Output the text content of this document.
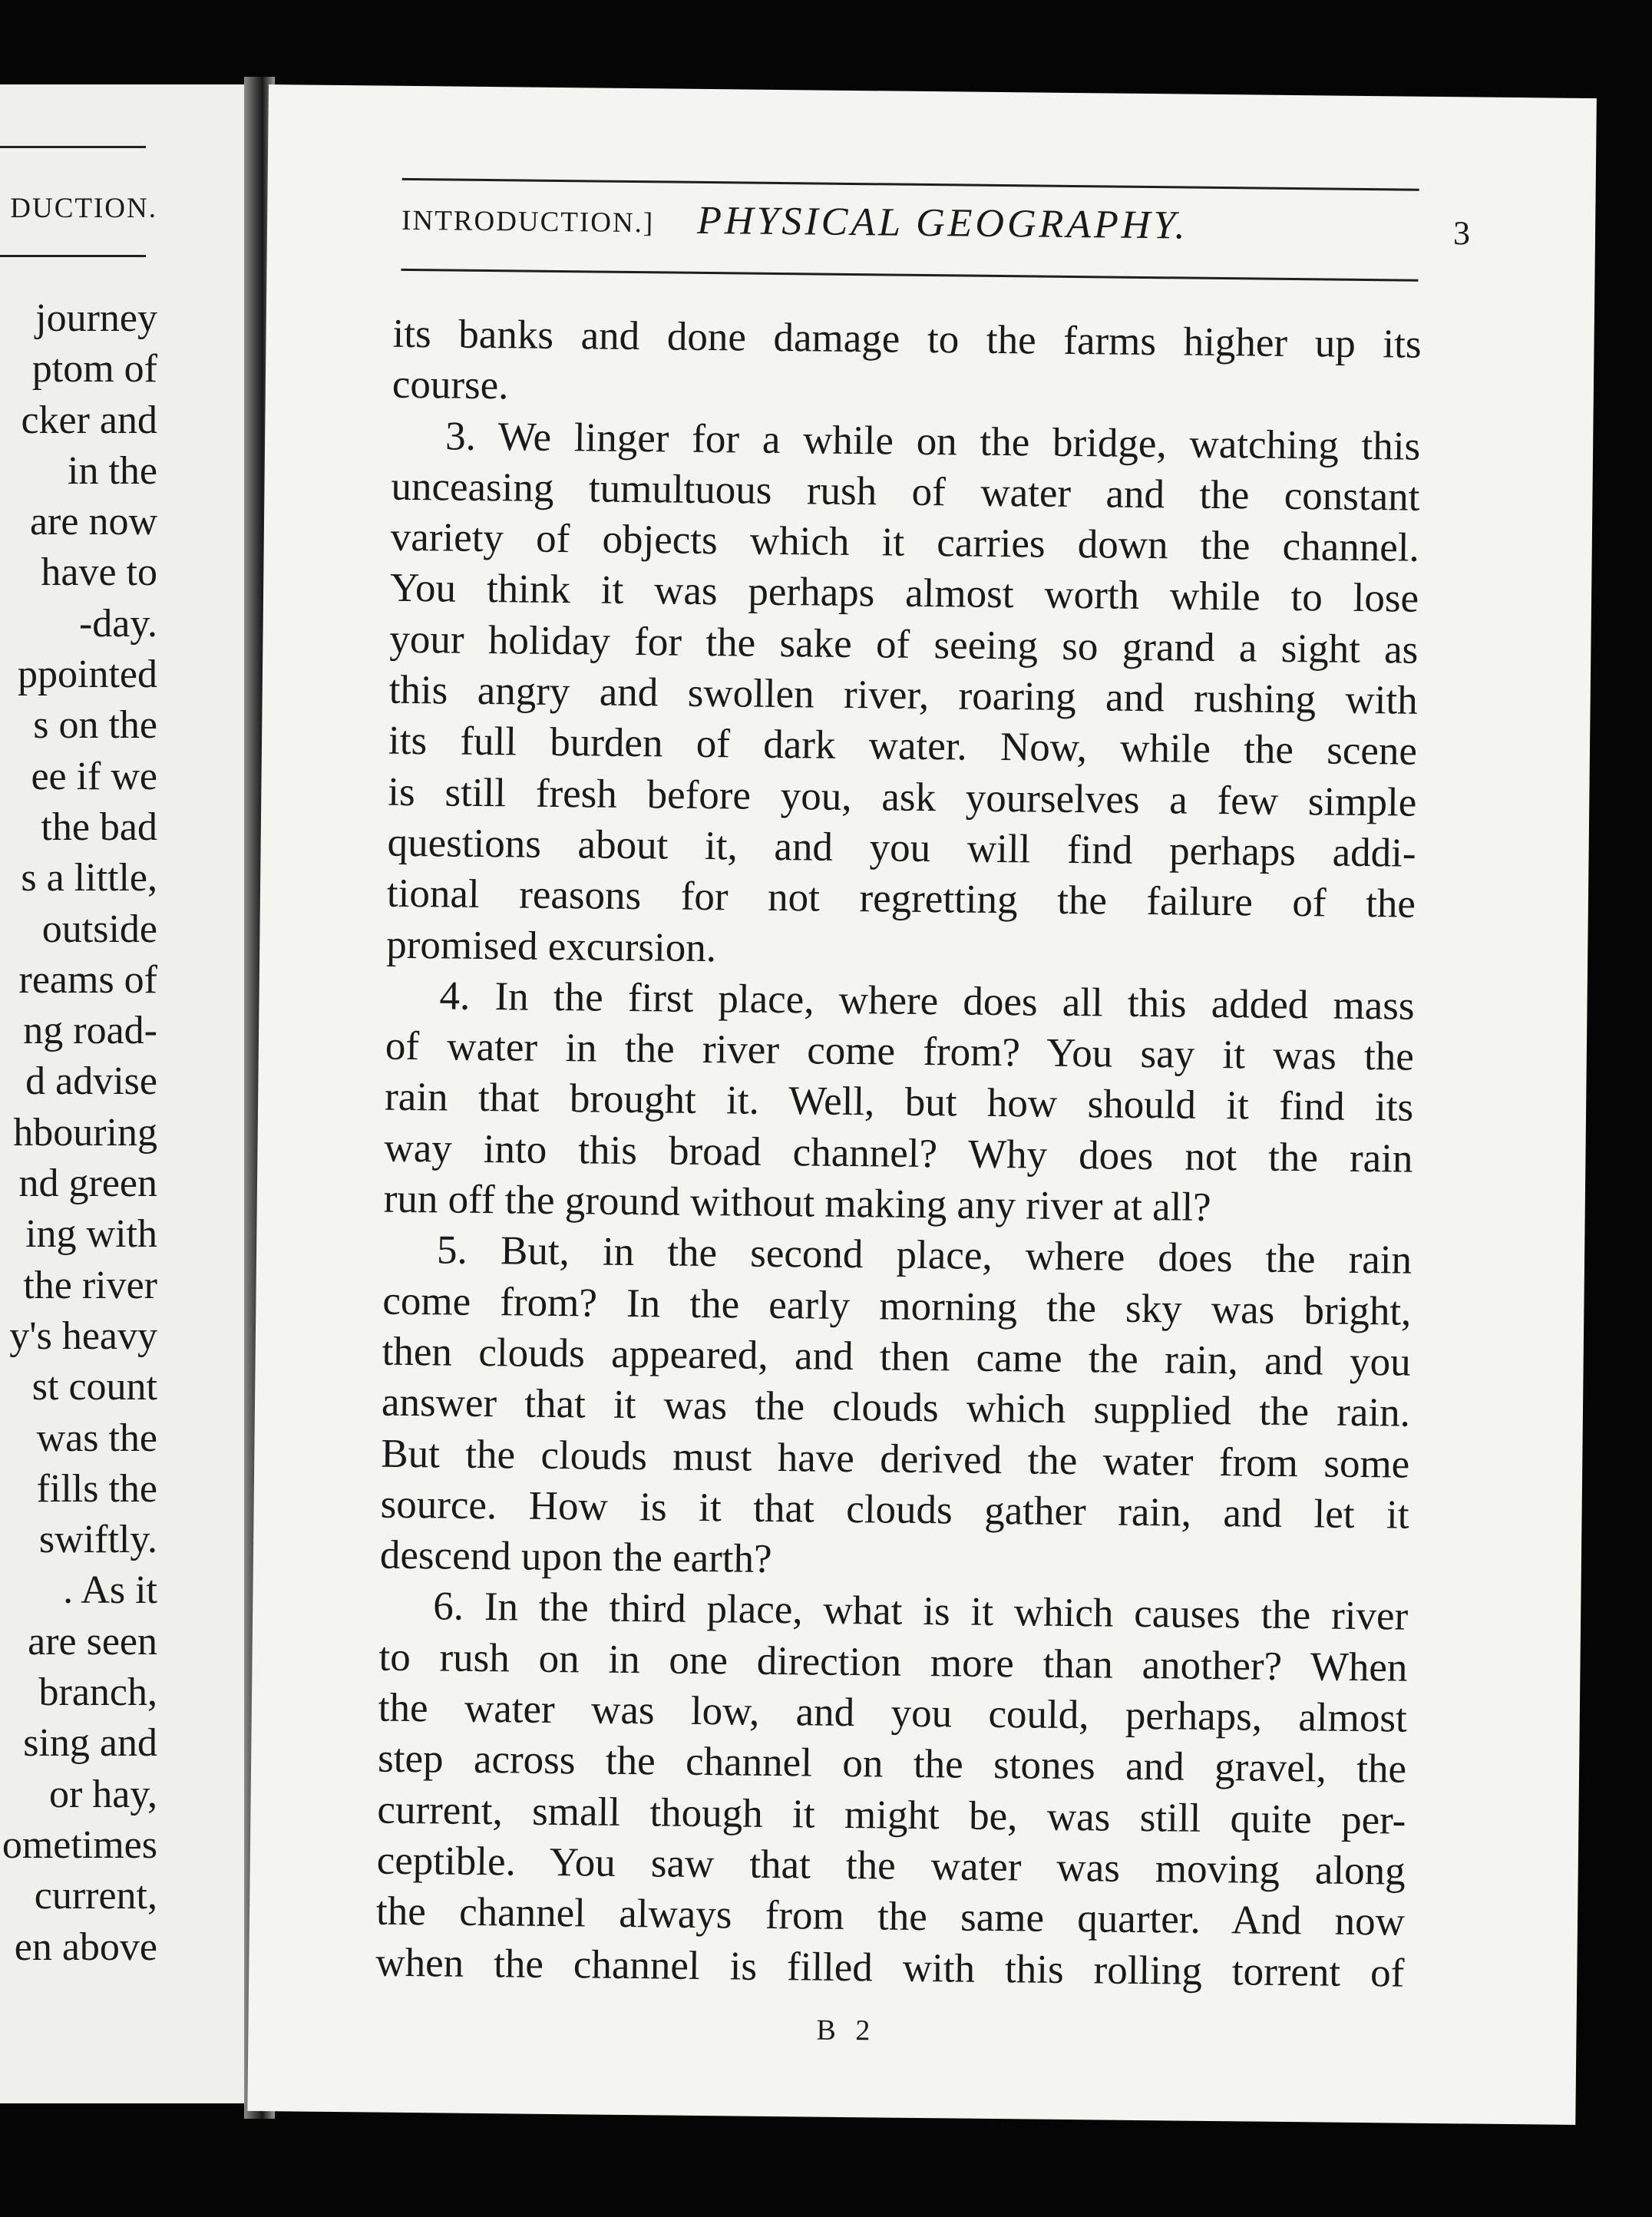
DUCTION.
journey
ptom of
cker and
in the
are now
have to
-day.
ppointed
s on the
ee if we
the bad
s a little,
outside
reams of
ng road-
d advise
hbouring
nd green
ing with
the river
y's heavy
st count
was the
fills the
swiftly.
. As it
are seen
branch,
sing and
or hay,
ometimes
current,
en above
INTRODUCTION.] PHYSICAL GEOGRAPHY.	3
its banks and done damage to the farms higher up its
course.
3. We linger for a while on the bridge, watching this
unceasing tumultuous rush of water and the constant
variety of objects which it carries down the channel.
You think it was perhaps almost worth while to lose
your holiday for the sake of seeing so grand a sight as
this angry and swollen river, roaring and rushing with
its full burden of dark water. Now, while the scene
is still fresh before you, ask yourselves a few simple
questions about it, and you will find perhaps addi-
tional reasons for not regretting the failure of the
promised excursion.
4. In the first place, where does all this added mass
of water in the river come from? You say it was the
rain that brought it. Well, but how should it find its
way into this broad channel? Why does not the rain
run off the ground without making any river at all?
5. But, in the second place, where does the rain
come from? In the early morning the sky was bright,
then clouds appeared, and then came the rain, and you
answer that it was the clouds which supplied the rain.
But the clouds must have derived the water from some
source. How is it that clouds gather rain, and let it
descend upon the earth?
6. In the third place, what is it which causes the river
to rush on in one direction more than another? When
the water was low, and you could, perhaps, almost
step across the channel on the stones and gravel, the
current, small though it might be, was still quite per-
ceptible. You saw that the water was moving along
the channel always from the same quarter. And now
when the channel is filled with this rolling torrent of
B 2
